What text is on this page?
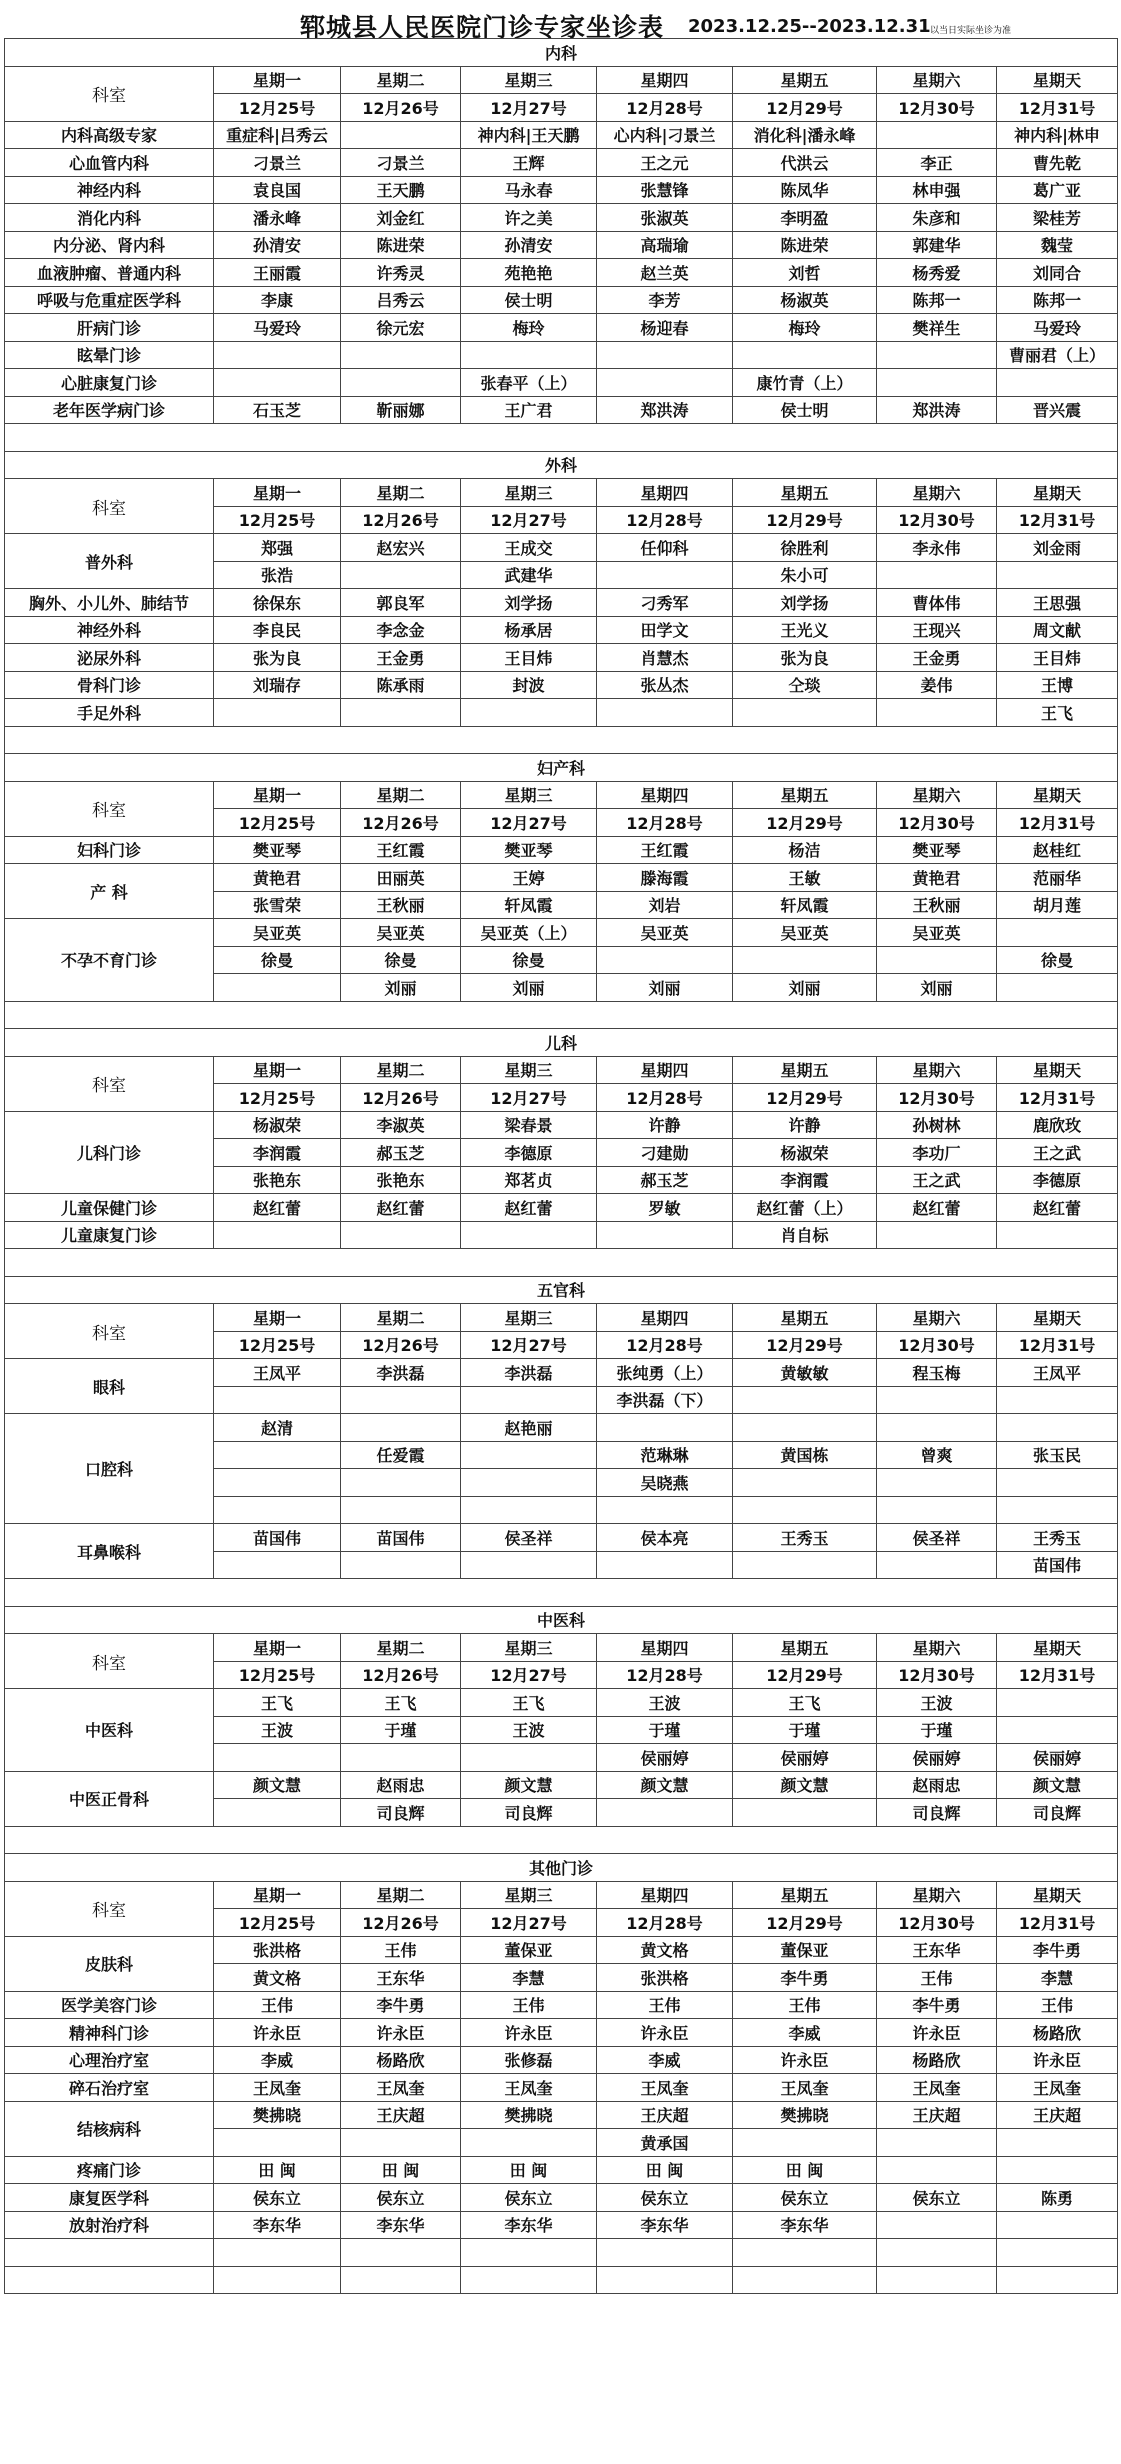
郓城县人民医院门诊专家坐诊表 2023.12.25--2023.12.31 以当日实际坐诊为准
内科							
科室	星期一	星期二	星期三	星期四	星期五	星期六	星期天
	12月25号	12月26号	12月27号	12月28号	12月29号	12月30号	12月31号
内科高级专家	重症科|吕秀云		神内科|王天鹏	心内科|刁景兰	消化科|潘永峰		神内科|林申
心血管内科	刁景兰	刁景兰	王辉	王之元	代洪云	李正	曹先乾
神经内科	袁良国	王天鹏	马永春	张慧锋	陈凤华	林申强	葛广亚
消化内科	潘永峰	刘金红	许之美	张淑英	李明盈	朱彦和	梁桂芳
内分泌、肾内科	孙清安	陈进荣	孙清安	高瑞瑜	陈进荣	郭建华	魏莹
血液肿瘤、普通内科	王丽霞	许秀灵	苑艳艳	赵兰英	刘哲	杨秀爱	刘同合
呼吸与危重症医学科	李康	吕秀云	侯士明	李芳	杨淑英	陈邦一	陈邦一
肝病门诊	马爱玲	徐元宏	梅玲	杨迎春	梅玲	樊祥生	马爱玲
眩晕门诊							曹丽君（上）
心脏康复门诊			张春平（上）		康竹青（上）		
老年医学病门诊	石玉芝	靳丽娜	王广君	郑洪涛	侯士明	郑洪涛	晋兴震

外科							
科室	星期一	星期二	星期三	星期四	星期五	星期六	星期天
	12月25号	12月26号	12月27号	12月28号	12月29号	12月30号	12月31号
普外科	郑强	赵宏兴	王成交	任仰科	徐胜利	李永伟	刘金雨
	张浩		武建华		朱小可		
胸外、小儿外、肺结节	徐保东	郭良军	刘学扬	刁秀军	刘学扬	曹体伟	王思强
神经外科	李良民	李念金	杨承居	田学文	王光义	王现兴	周文献
泌尿外科	张为良	王金勇	王目炜	肖慧杰	张为良	王金勇	王目炜
骨科门诊	刘瑞存	陈承雨	封波	张丛杰	仝琰	姜伟	王博
手足外科							王飞

妇产科							
科室	星期一	星期二	星期三	星期四	星期五	星期六	星期天
	12月25号	12月26号	12月27号	12月28号	12月29号	12月30号	12月31号
妇科门诊	樊亚琴	王红霞	樊亚琴	王红霞	杨洁	樊亚琴	赵桂红
产 科	黄艳君	田丽英	王婷	滕海霞	王敏	黄艳君	范丽华
	张雪荣	王秋丽	轩凤霞	刘岩	轩凤霞	王秋丽	胡月莲
不孕不育门诊	吴亚英	吴亚英	吴亚英（上）	吴亚英	吴亚英	吴亚英	
	徐曼	徐曼	徐曼				徐曼
		刘丽	刘丽	刘丽	刘丽	刘丽	

儿科							
科室	星期一	星期二	星期三	星期四	星期五	星期六	星期天
	12月25号	12月26号	12月27号	12月28号	12月29号	12月30号	12月31号
儿科门诊	杨淑荣	李淑英	梁春景	许静	许静	孙树林	鹿欣玫
	李润霞	郝玉芝	李德原	刁建勋	杨淑荣	李功厂	王之武
	张艳东	张艳东	郑茗贞	郝玉芝	李润霞	王之武	李德原
儿童保健门诊	赵红蕾	赵红蕾	赵红蕾	罗敏	赵红蕾（上）	赵红蕾	赵红蕾
儿童康复门诊					肖自标		

五官科							
科室	星期一	星期二	星期三	星期四	星期五	星期六	星期天
	12月25号	12月26号	12月27号	12月28号	12月29号	12月30号	12月31号
眼科	王凤平	李洪磊	李洪磊	张纯勇（上）	黄敏敏	程玉梅	王凤平
				李洪磊（下）			
口腔科	赵清		赵艳丽				
		任爱霞		范琳琳	黄国栋	曾爽	张玉民
				吴晓燕			

耳鼻喉科	苗国伟	苗国伟	侯圣祥	侯本亮	王秀玉	侯圣祥	王秀玉
							苗国伟

中医科							
科室	星期一	星期二	星期三	星期四	星期五	星期六	星期天
	12月25号	12月26号	12月27号	12月28号	12月29号	12月30号	12月31号
中医科	王飞	王飞	王飞	王波	王飞	王波	
	王波	于瑾	王波	于瑾	于瑾	于瑾	
				侯丽婷	侯丽婷	侯丽婷	侯丽婷
中医正骨科	颜文慧	赵雨忠	颜文慧	颜文慧	颜文慧	赵雨忠	颜文慧
		司良辉	司良辉			司良辉	司良辉

其他门诊							
科室	星期一	星期二	星期三	星期四	星期五	星期六	星期天
	12月25号	12月26号	12月27号	12月28号	12月29号	12月30号	12月31号
皮肤科	张洪格	王伟	董保亚	黄文格	董保亚	王东华	李牛勇
	黄文格	王东华	李慧	张洪格	李牛勇	王伟	李慧
医学美容门诊	王伟	李牛勇	王伟	王伟	王伟	李牛勇	王伟
精神科门诊	许永臣	许永臣	许永臣	许永臣	李威	许永臣	杨路欣
心理治疗室	李威	杨路欣	张修磊	李威	许永臣	杨路欣	许永臣
碎石治疗室	王凤奎	王凤奎	王凤奎	王凤奎	王凤奎	王凤奎	王凤奎
结核病科	樊拂晓	王庆超	樊拂晓	王庆超	樊拂晓	王庆超	王庆超
				黄承国			
疼痛门诊	田 闽	田 闽	田 闽	田 闽	田 闽		
康复医学科	侯东立	侯东立	侯东立	侯东立	侯东立	侯东立	陈勇
放射治疗科	李东华	李东华	李东华	李东华	李东华		
